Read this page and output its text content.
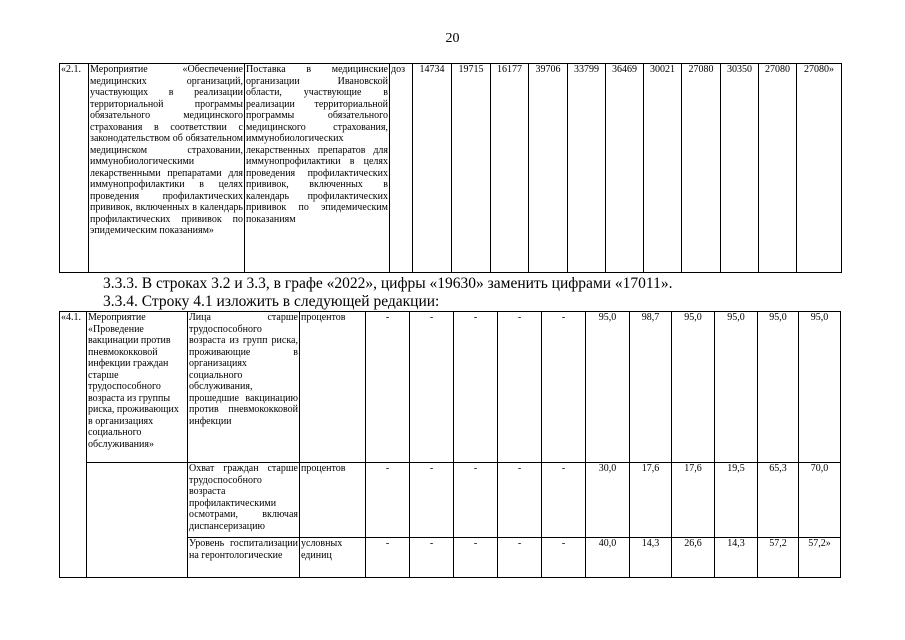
20
«2.1.	Мероприятие «Обеспечение медицинских организаций, участвующих в реализации территориальной программы обязательного медицинского страхования в соответствии с законодательством об обязательном медицинском страховании, иммунобиологическими лекарственными препаратами для иммунопрофилактики в целях проведения профилактических прививок, включенных в календарь профилактических прививок по эпидемическим показаниям»	Поставка в медицинские организации Ивановской области, участвующие в реализации территориальной программы обязательного медицинского страхования, иммунобиологических лекарственных препаратов для иммунопрофилактики в целях проведения профилактических прививок, включенных в календарь профилактических прививок по эпидемическим показаниям	доз	14734	19715	16177	39706	33799	36469	30021	27080	30350	27080	27080»
3.3.3. В строках 3.2 и 3.3, в графе «2022», цифры «19630» заменить цифрами «17011».
3.3.4. Строку 4.1 изложить в следующей редакции:
«4.1.	Мероприятие «Проведение вакцинации против пневмококковой инфекции граждан старше трудоспособного возраста из группы риска, проживающих в организациях социального обслуживания»	Лица старше трудоспособного возраста из групп риска, проживающие в организациях социального обслуживания, прошедшие вакцинацию против пневмококковой инфекции	процентов	-	-	-	-	-	95,0	98,7	95,0	95,0	95,0	95,0
		Охват граждан старше трудоспособного возраста профилактическими осмотрами, включая диспансеризацию	процентов	-	-	-	-	-	30,0	17,6	17,6	19,5	65,3	70,0
		Уровень госпитализации на геронтологические	условных единиц	-	-	-	-	-	40,0	14,3	26,6	14,3	57,2	57,2»
